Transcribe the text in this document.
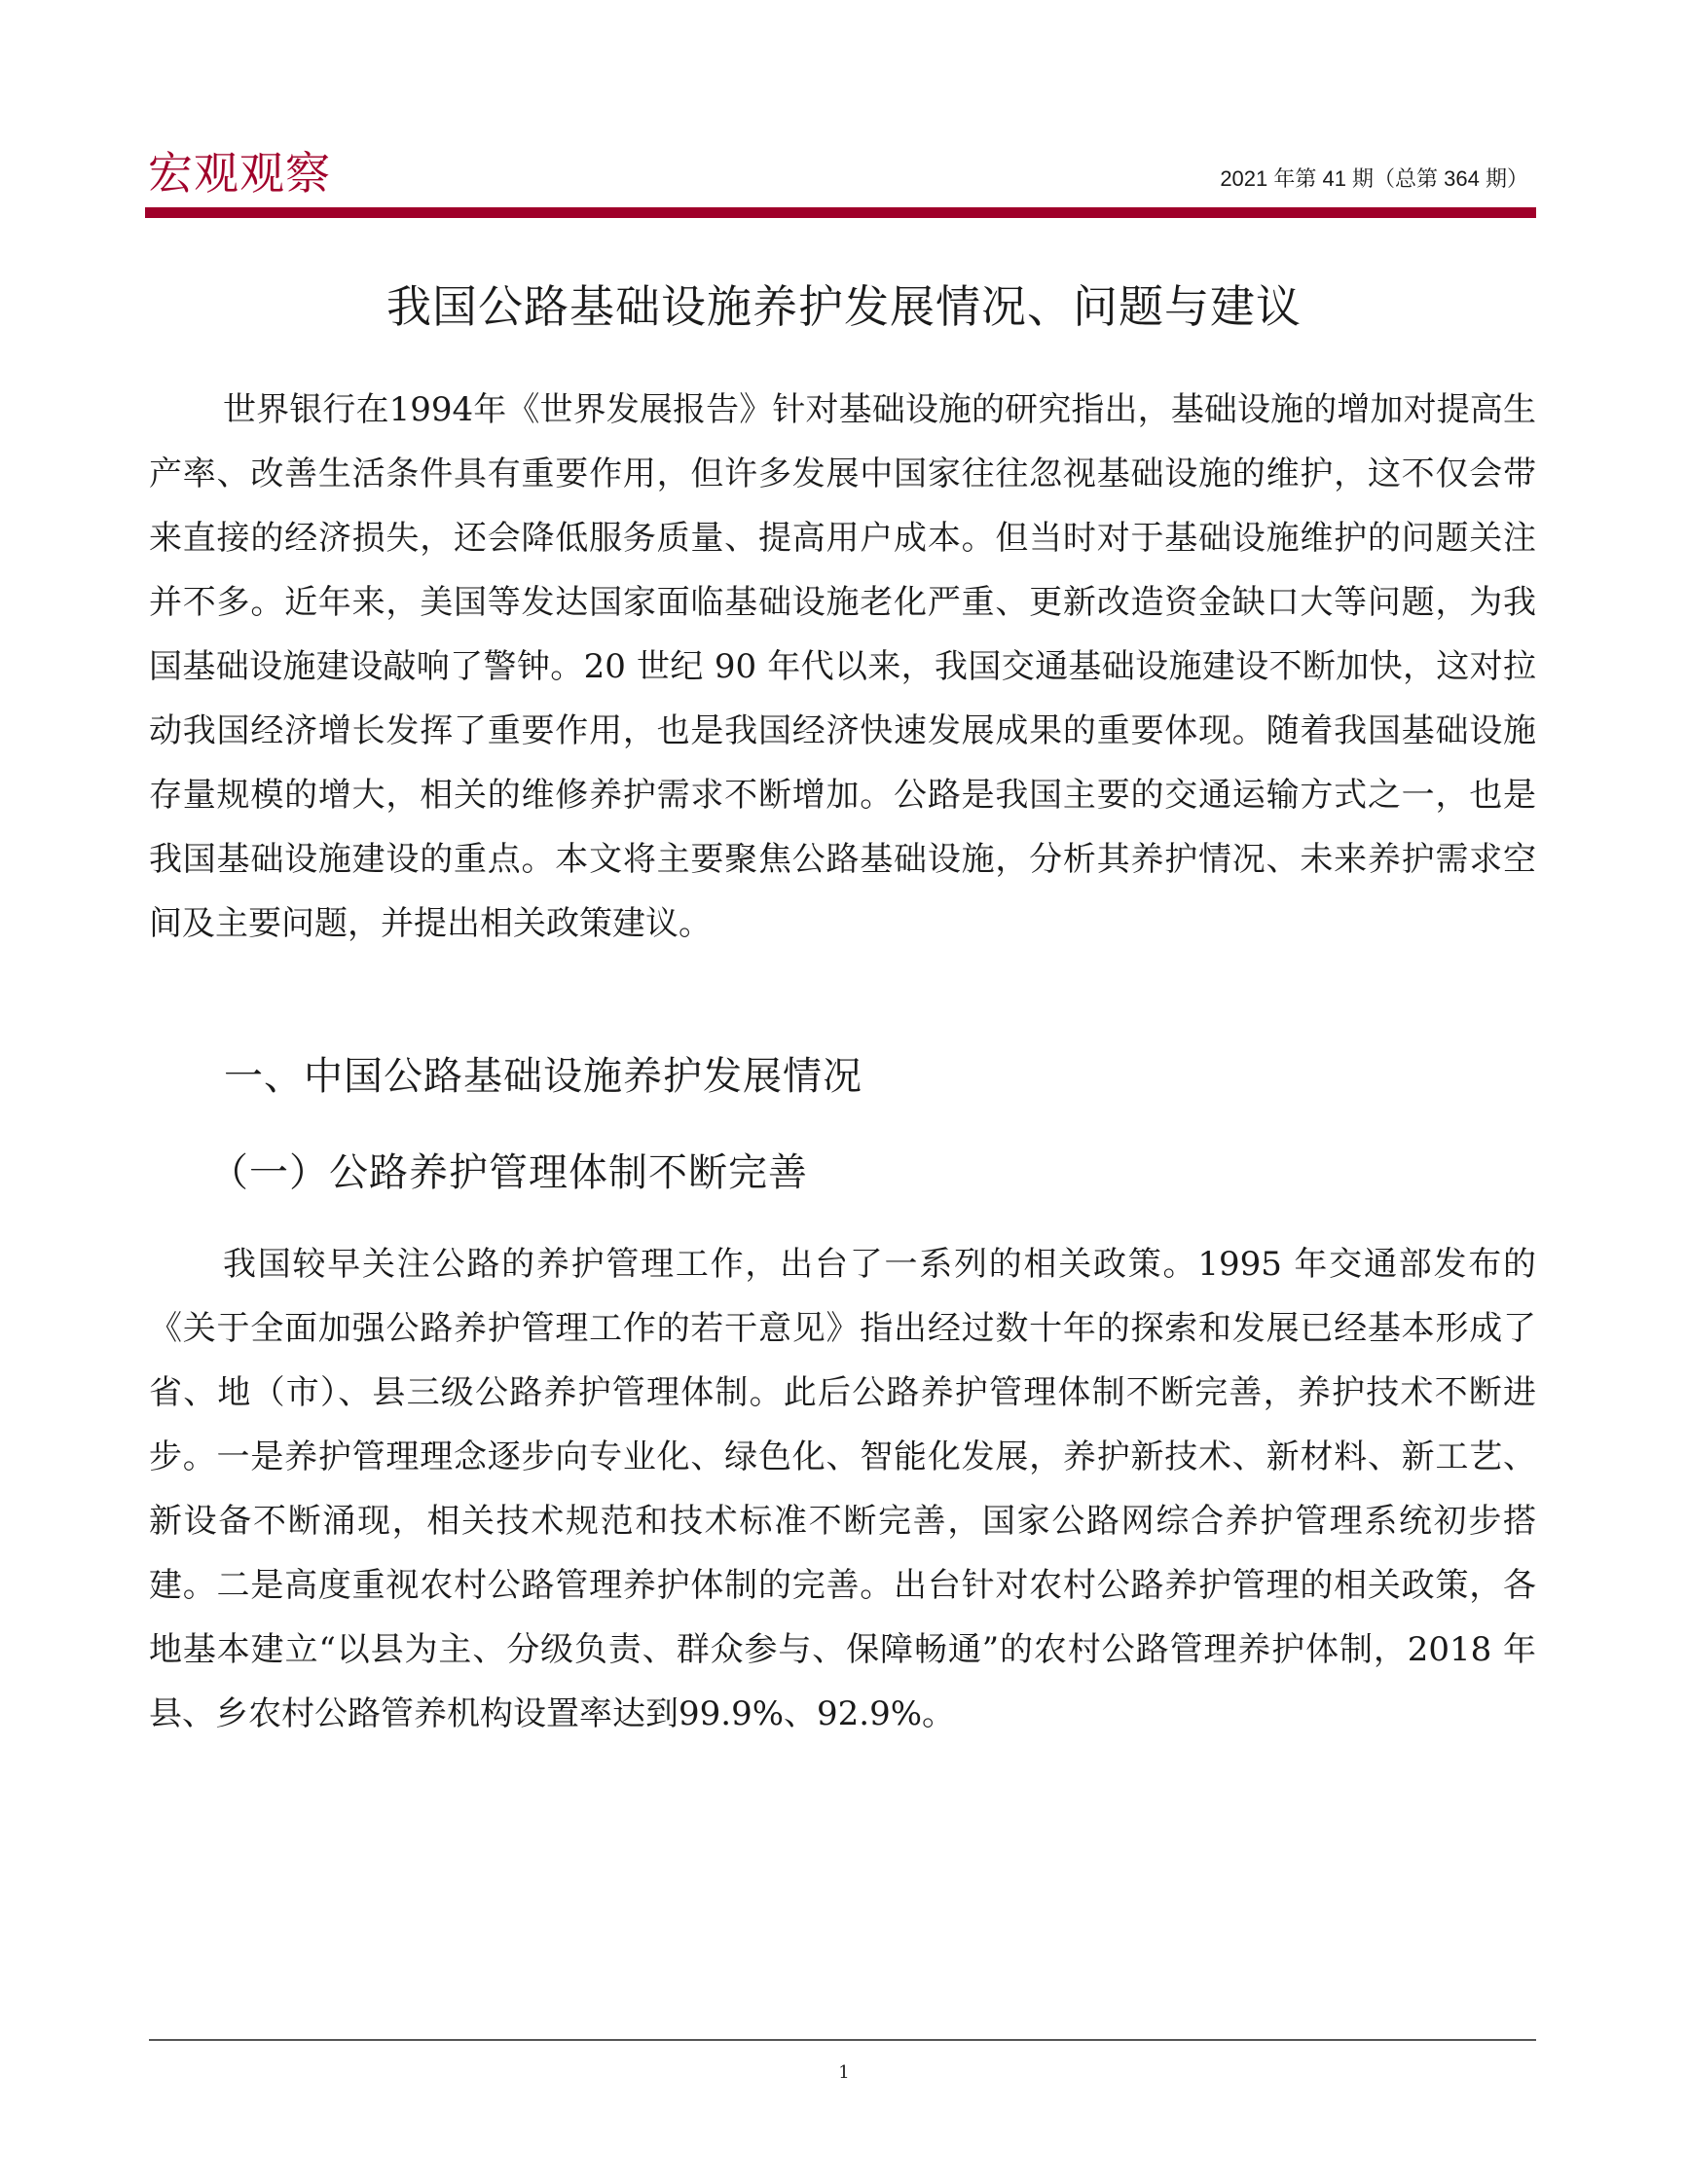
宏观观察	2021 年第 41 期（总第 364 期）
我国公路基础设施养护发展情况、问题与建议

世界银行在1994年《世界发展报告》针对基础设施的研究指出，基础设施的增加对提高生产率、改善生活条件具有重要作用，但许多发展中国家往往忽视基础设施的维护，这不仅会带来直接的经济损失，还会降低服务质量、提高用户成本。但当时对于基础设施维护的问题关注并不多。近年来，美国等发达国家面临基础设施老化严重、更新改造资金缺口大等问题，为我国基础设施建设敲响了警钟。20 世纪 90 年代以来，我国交通基础设施建设不断加快，这对拉动我国经济增长发挥了重要作用，也是我国经济快速发展成果的重要体现。随着我国基础设施存量规模的增大，相关的维修养护需求不断增加。公路是我国主要的交通运输方式之一，也是我国基础设施建设的重点。本文将主要聚焦公路基础设施，分析其养护情况、未来养护需求空间及主要问题，并提出相关政策建议。

一、中国公路基础设施养护发展情况
（一）公路养护管理体制不断完善

我国较早关注公路的养护管理工作，出台了一系列的相关政策。1995 年交通部发布的《关于全面加强公路养护管理工作的若干意见》指出经过数十年的探索和发展已经基本形成了省、地（市）、县三级公路养护管理体制。此后公路养护管理体制不断完善，养护技术不断进步。一是养护管理理念逐步向专业化、绿色化、智能化发展，养护新技术、新材料、新工艺、新设备不断涌现，相关技术规范和技术标准不断完善，国家公路网综合养护管理系统初步搭建。二是高度重视农村公路管理养护体制的完善。出台针对农村公路养护管理的相关政策，各地基本建立“以县为主、分级负责、群众参与、保障畅通”的农村公路管理养护体制，2018 年县、乡农村公路管养机构设置率达到99.9%、92.9%。

1
